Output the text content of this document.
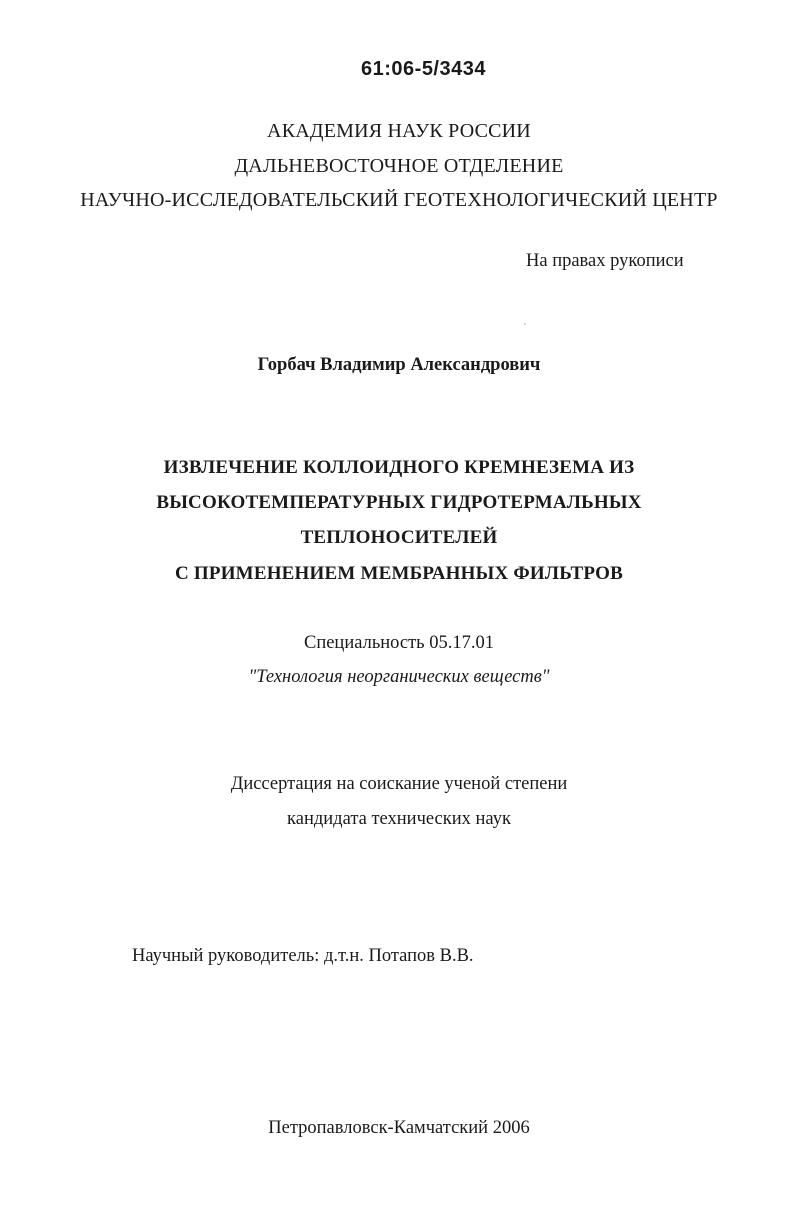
61:06-5/3434

АКАДЕМИЯ НАУК РОССИИ

ДАЛЬНЕВОСТОЧНОЕ ОТДЕЛЕНИЕ

НАУЧНО-ИССЛЕДОВАТЕЛЬСКИЙ ГЕОТЕХНОЛОГИЧЕСКИЙ ЦЕНТР

На правах рукописи

Горбач Владимир Александрович

ИЗВЛЕЧЕНИЕ КОЛЛОИДНОГО КРЕМНЕЗЕМА ИЗ

ВЫСОКОТЕМПЕРАТУРНЫХ ГИДРОТЕРМАЛЬНЫХ

ТЕПЛОНОСИТЕЛЕЙ

С ПРИМЕНЕНИЕМ МЕМБРАННЫХ ФИЛЬТРОВ

Специальность 05.17.01

"Технология неорганических веществ"

Диссертация на соискание ученой степени

кандидата технических наук

Научный руководитель: д.т.н. Потапов В.В.

Петропавловск-Камчатский 2006
